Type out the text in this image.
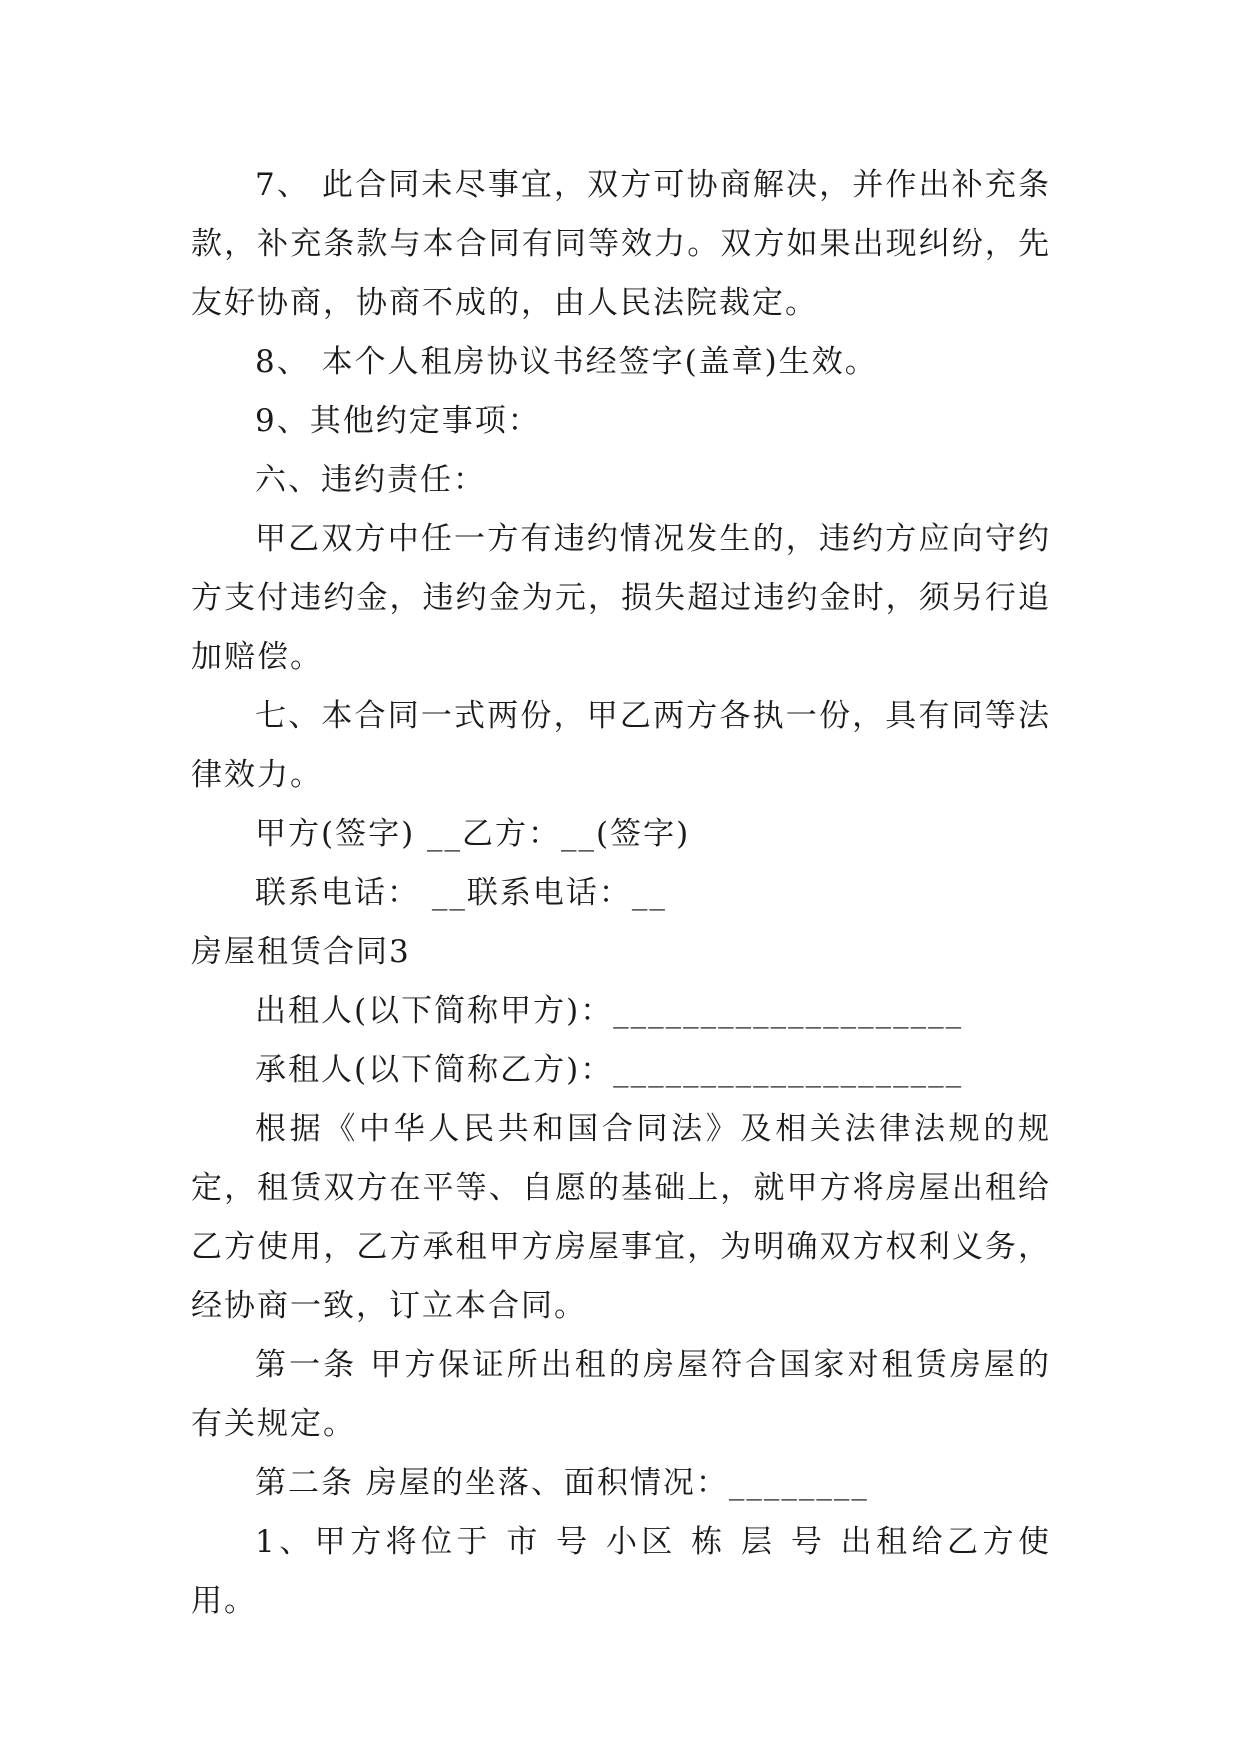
7、 此合同未尽事宜，双方可协商解决，并作出补充条款，补充条款与本合同有同等效力。双方如果出现纠纷，先友好协商，协商不成的，由人民法院裁定。

8、 本个人租房协议书经签字(盖章)生效。

9、其他约定事项：

六、违约责任：

甲乙双方中任一方有违约情况发生的，违约方应向守约方支付违约金，违约金为元，损失超过违约金时，须另行追加赔偿。

七、本合同一式两份，甲乙两方各执一份，具有同等法律效力。

甲方(签字) __乙方：__(签字)

联系电话： __联系电话：__

房屋租赁合同3

出租人(以下简称甲方)：____________________

承租人(以下简称乙方)：____________________

根据《中华人民共和国合同法》及相关法律法规的规定，租赁双方在平等、自愿的基础上，就甲方将房屋出租给乙方使用，乙方承租甲方房屋事宜，为明确双方权利义务，经协商一致，订立本合同。

第一条 甲方保证所出租的房屋符合国家对租赁房屋的有关规定。

第二条 房屋的坐落、面积情况：________

1、甲方将位于 市 号 小区 栋 层 号 出租给乙方使用。
